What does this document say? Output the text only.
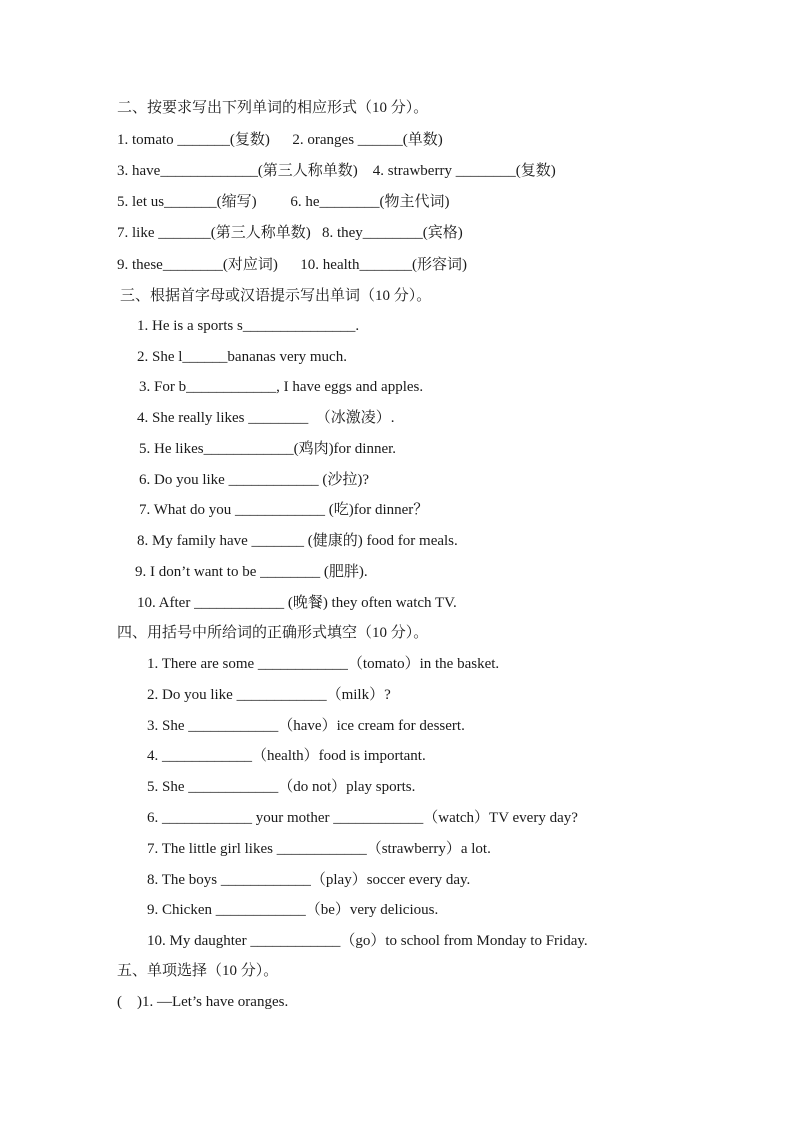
二、按要求写出下列单词的相应形式（10 分）。
1. tomato _______(复数)      2. oranges ______(单数)
3. have_____________(第三人称单数)    4. strawberry ________(复数)
5. let us_______(缩写)         6. he________(物主代词)
7. like _______(第三人称单数)   8. they________(宾格)
9. these________(对应词)      10. health_______(形容词)
三、根据首字母或汉语提示写出单词（10 分）。
1. He is a sports s_______________.
2. She l______bananas very much.
3. For b____________, I have eggs and apples.
4. She really likes ________  （冰激凌）.
5. He likes____________(鸡肉)for dinner.
6. Do you like ____________ (沙拉)?
7. What do you ____________ (吃)for dinner？
8. My family have _______ (健康的) food for meals.
9. I don’t want to be ________ (肥胖).
10. After ____________ (晚餐) they often watch TV.
四、用括号中所给词的正确形式填空（10 分）。
1. There are some ____________（tomato）in the basket.
2. Do you like ____________（milk）?
3. She ____________（have）ice cream for dessert.
4. ____________（health）food is important.
5. She ____________（do not）play sports.
6. ____________ your mother ____________（watch）TV every day?
7. The little girl likes ____________（strawberry）a lot.
8. The boys ____________（play）soccer every day.
9. Chicken ____________（be）very delicious.
10. My daughter ____________（go）to school from Monday to Friday.
五、单项选择（10 分）。
(    )1. —Let’s have oranges.
